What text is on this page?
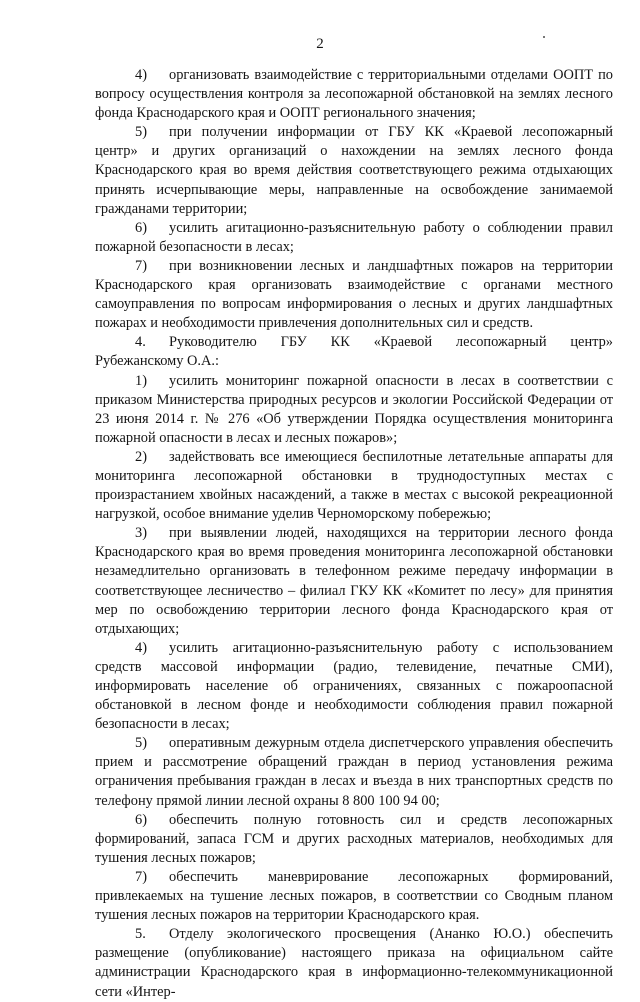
2

4) организовать взаимодействие с территориальными отделами ООПТ по вопросу осуществления контроля за лесопожарной обстановкой на землях лесного фонда Краснодарского края и ООПТ регионального значения;

5) при получении информации от ГБУ КК «Краевой лесопожарный центр» и других организаций о нахождении на землях лесного фонда Краснодарского края во время действия соответствующего режима отдыхающих принять исчерпывающие меры, направленные на освобождение занимаемой гражданами территории;

6) усилить агитационно-разъяснительную работу о соблюдении правил пожарной безопасности в лесах;

7) при возникновении лесных и ландшафтных пожаров на территории Краснодарского края организовать взаимодействие с органами местного самоуправления по вопросам информирования о лесных и других ландшафтных пожарах и необходимости привлечения дополнительных сил и средств.

4. Руководителю ГБУ КК «Краевой лесопожарный центр»

Рубежанскому О.А.:

1) усилить мониторинг пожарной опасности в лесах в соответствии с приказом Министерства природных ресурсов и экологии Российской Федерации от 23 июня 2014 г. № 276 «Об утверждении Порядка осуществления мониторинга пожарной опасности в лесах и лесных пожаров»;

2) задействовать все имеющиеся беспилотные летательные аппараты для мониторинга лесопожарной обстановки в труднодоступных местах с произрастанием хвойных насаждений, а также в местах с высокой рекреационной нагрузкой, особое внимание уделив Черноморскому побережью;

3) при выявлении людей, находящихся на территории лесного фонда Краснодарского края во время проведения мониторинга лесопожарной обстановки незамедлительно организовать в телефонном режиме передачу информации в соответствующее лесничество – филиал ГКУ КК «Комитет по лесу» для принятия мер по освобождению территории лесного фонда Краснодарского края от отдыхающих;

4) усилить агитационно-разъяснительную работу с использованием средств массовой информации (радио, телевидение, печатные СМИ), информировать население об ограничениях, связанных с пожароопасной обстановкой в лесном фонде и необходимости соблюдения правил пожарной безопасности в лесах;

5) оперативным дежурным отдела диспетчерского управления обеспечить прием и рассмотрение обращений граждан в период установления режима ограничения пребывания граждан в лесах и въезда в них транспортных средств по телефону прямой линии лесной охраны 8 800 100 94 00;

6) обеспечить полную готовность сил и средств лесопожарных формирований, запаса ГСМ и других расходных материалов, необходимых для тушения лесных пожаров;

7) обеспечить маневрирование лесопожарных формирований, привлекаемых на тушение лесных пожаров, в соответствии со Сводным планом тушения лесных пожаров на территории Краснодарского края.

5. Отделу экологического просвещения (Ананко Ю.О.) обеспечить размещение (опубликование) настоящего приказа на официальном сайте администрации Краснодарского края в информационно-телекоммуникационной сети «Интер-
